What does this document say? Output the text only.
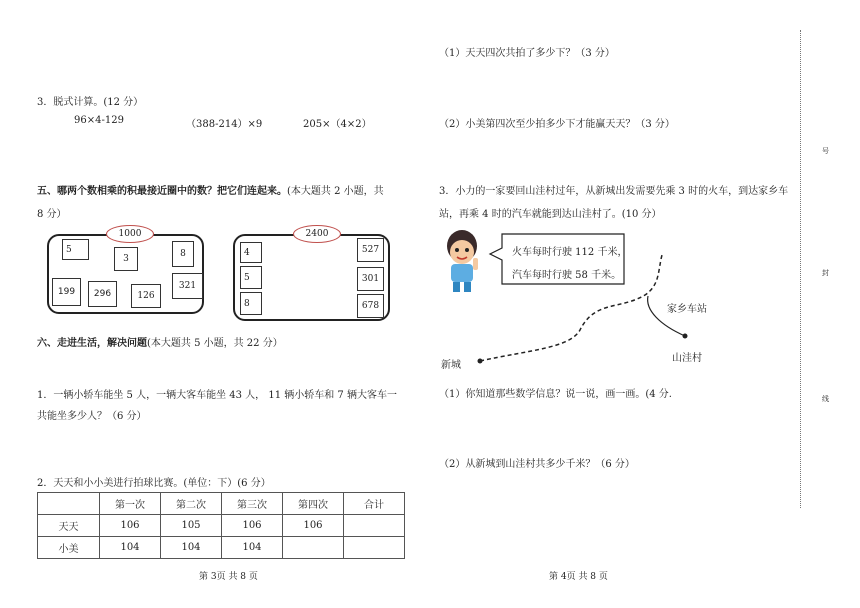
3．脱式计算。(12 分）
96×4-129	（388-214）×9	205×（4×2）
五、哪两个数相乘的积最接近圈中的数？把它们连起来。(本大题共 2 小题，共
8 分）
1000
5
3	8
199	296	126
321
2400
4
5
8
527
301
678
六、走进生活，解决问题(本大题共 5 小题，共 22 分）
1．一辆小轿车能坐 5 人，一辆大客车能坐 43 人， 11 辆小轿车和 7 辆大客车一
共能坐多少人？（6 分）
2．天天和小小美进行拍球比赛。(单位：下）(6 分）
	第一次	第二次	第三次	第四次	合计
天天	106	105	106	106	
小美	104	104	104		
第 3页 共 8 页
（1）天天四次共拍了多少下？（3 分）
（2）小美第四次至少拍多少下才能赢天天？（3 分）
3．小力的一家要回山洼村过年，从新城出发需要先乘 3 时的火车，到达家乡车
站，再乘 4 时的汽车就能到达山洼村了。(10 分）
火车每时行驶 112 千米，
汽车每时行驶 58 千米。
家乡车站
山洼村
新城
（1）你知道那些数学信息？说一说，画一画。(4 分.
（2）从新城到山洼村共多少千米？（6 分）
第 4页 共 8 页
号
封
线
